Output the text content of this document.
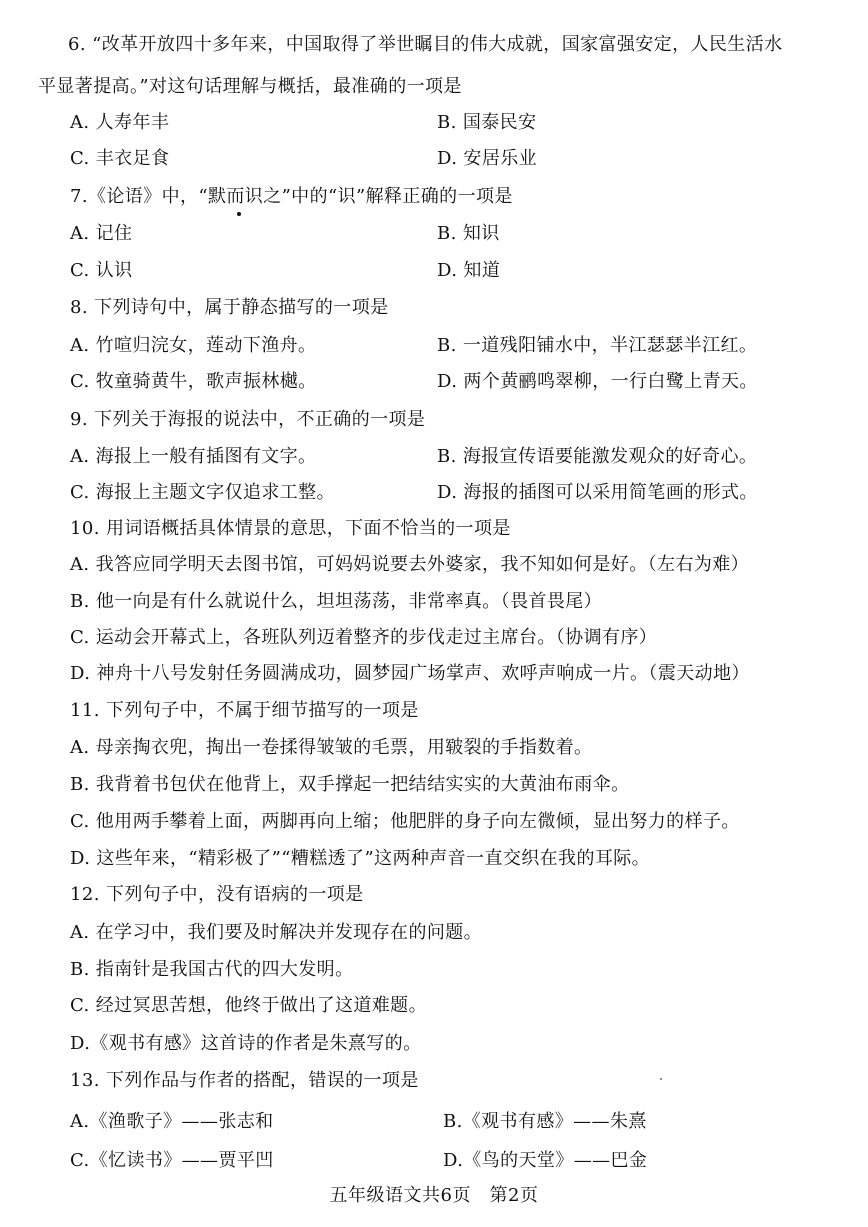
6. “改革开放四十多年来，中国取得了举世瞩目的伟大成就，国家富强安定，人民生活水
平显著提高。”对这句话理解与概括，最准确的一项是
A. 人寿年丰	B. 国泰民安
C. 丰衣足食	D. 安居乐业
7.《论语》中，“默而识之”中的“识”解释正确的一项是
A. 记住	B. 知识
C. 认识	D. 知道
8. 下列诗句中，属于静态描写的一项是
A. 竹喧归浣女，莲动下渔舟。	B. 一道残阳铺水中，半江瑟瑟半江红。
C. 牧童骑黄牛，歌声振林樾。	D. 两个黄鹂鸣翠柳，一行白鹭上青天。
9. 下列关于海报的说法中，不正确的一项是
A. 海报上一般有插图有文字。	B. 海报宣传语要能激发观众的好奇心。
C. 海报上主题文字仅追求工整。	D. 海报的插图可以采用简笔画的形式。
10. 用词语概括具体情景的意思，下面不恰当的一项是
A. 我答应同学明天去图书馆，可妈妈说要去外婆家，我不知如何是好。（左右为难）
B. 他一向是有什么就说什么，坦坦荡荡，非常率真。（畏首畏尾）
C. 运动会开幕式上，各班队列迈着整齐的步伐走过主席台。（协调有序）
D. 神舟十八号发射任务圆满成功，圆梦园广场掌声、欢呼声响成一片。（震天动地）
11. 下列句子中，不属于细节描写的一项是
A. 母亲掏衣兜，掏出一卷揉得皱皱的毛票，用皲裂的手指数着。
B. 我背着书包伏在他背上，双手撑起一把结结实实的大黄油布雨伞。
C. 他用两手攀着上面，两脚再向上缩；他肥胖的身子向左微倾，显出努力的样子。
D. 这些年来，“精彩极了”“糟糕透了”这两种声音一直交织在我的耳际。
12. 下列句子中，没有语病的一项是
A. 在学习中，我们要及时解决并发现存在的问题。
B. 指南针是我国古代的四大发明。
C. 经过冥思苦想，他终于做出了这道难题。
D.《观书有感》这首诗的作者是朱熹写的。
13. 下列作品与作者的搭配，错误的一项是
A.《渔歌子》——张志和	B.《观书有感》——朱熹
C.《忆读书》——贾平凹	D.《鸟的天堂》——巴金
五年级语文共6页　第2页
